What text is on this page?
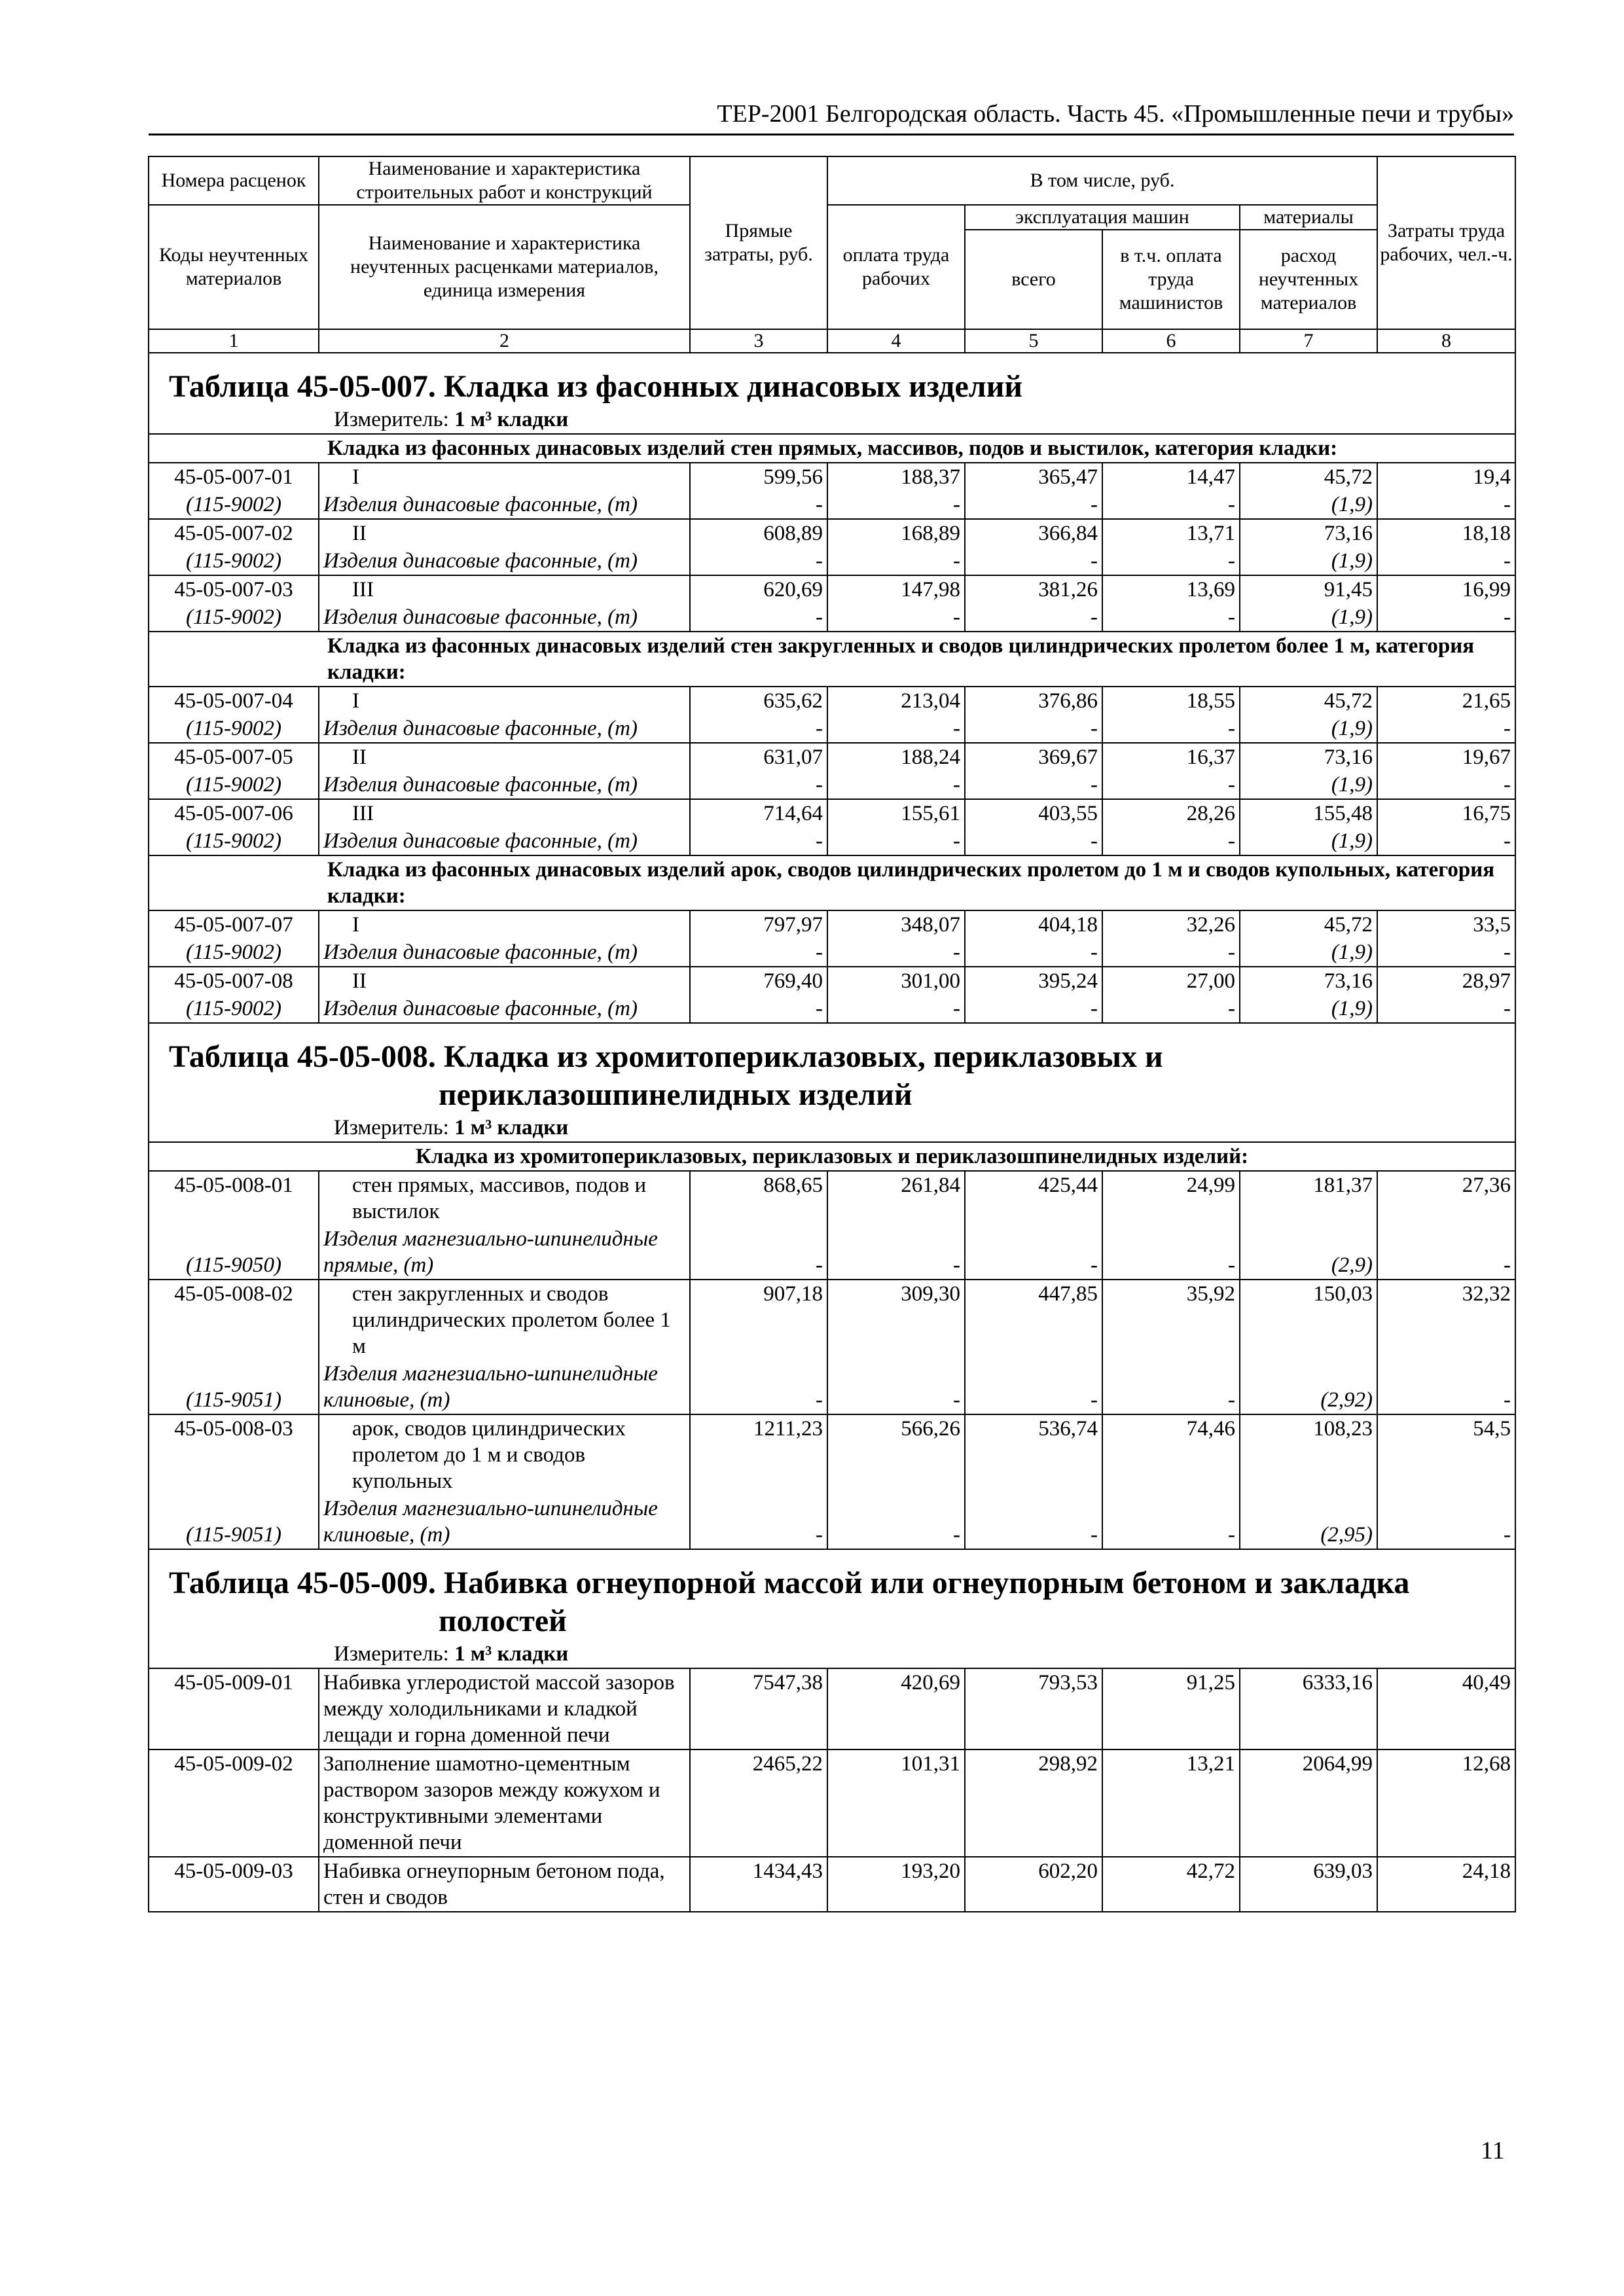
ТЕР-2001 Белгородская область. Часть 45. «Промышленные печи и трубы»
Номера расценок	Наименование и характеристика строительных работ и конструкций	Прямые затраты, руб.	В том числе, руб.				Затраты труда рабочих, чел.-ч.
Коды неучтенных материалов	Наименование и характеристика неучтенных расценками материалов, единица измерения		оплата труда рабочих	эксплуатация машин		материалы	
				всего	в т.ч. оплата труда машинистов	расход неучтенных материалов	
1	2	3	4	5	6	7	8

Таблица 45-05-007. Кладка из фасонных динасовых изделий
Измеритель: 1 м³ кладки							

Кладка из фасонных динасовых изделий стен прямых, массивов, подов и выстилок, категория кладки:							
45-05-007-01	I	599,56	188,37	365,47	14,47	45,72	19,4
(115-9002)	Изделия динасовые фасонные, (т)	-	-	-	-	(1,9)	-
45-05-007-02	II	608,89	168,89	366,84	13,71	73,16	18,18
(115-9002)	Изделия динасовые фасонные, (т)	-	-	-	-	(1,9)	-
45-05-007-03	III	620,69	147,98	381,26	13,69	91,45	16,99
(115-9002)	Изделия динасовые фасонные, (т)	-	-	-	-	(1,9)	-
Кладка из фасонных динасовых изделий стен закругленных и сводов цилиндрических пролетом более 1 м, категория кладки:							
45-05-007-04	I	635,62	213,04	376,86	18,55	45,72	21,65
(115-9002)	Изделия динасовые фасонные, (т)	-	-	-	-	(1,9)	-
45-05-007-05	II	631,07	188,24	369,67	16,37	73,16	19,67
(115-9002)	Изделия динасовые фасонные, (т)	-	-	-	-	(1,9)	-
45-05-007-06	III	714,64	155,61	403,55	28,26	155,48	16,75
(115-9002)	Изделия динасовые фасонные, (т)	-	-	-	-	(1,9)	-
Кладка из фасонных динасовых изделий арок, сводов цилиндрических пролетом до 1 м и сводов купольных, категория кладки:							
45-05-007-07	I	797,97	348,07	404,18	32,26	45,72	33,5
(115-9002)	Изделия динасовые фасонные, (т)	-	-	-	-	(1,9)	-
45-05-007-08	II	769,40	301,00	395,24	27,00	73,16	28,97
(115-9002)	Изделия динасовые фасонные, (т)	-	-	-	-	(1,9)	-

Таблица 45-05-008. Кладка из хромитопериклазовых, периклазовых и
периклазошпинелидных изделий
Измеритель: 1 м³ кладки							

Кладка из хромитопериклазовых, периклазовых и периклазошпинелидных изделий:							
45-05-008-01	стен прямых, массивов, подов и выстилок	868,65	261,84	425,44	24,99	181,37	27,36
(115-9050)	Изделия магнезиально-шпинелидные прямые, (т)	-	-	-	-	(2,9)	-
45-05-008-02	стен закругленных и сводов цилиндрических пролетом более 1 м	907,18	309,30	447,85	35,92	150,03	32,32
(115-9051)	Изделия магнезиально-шпинелидные клиновые, (т)	-	-	-	-	(2,92)	-
45-05-008-03	арок, сводов цилиндрических пролетом до 1 м и сводов купольных	1211,23	566,26	536,74	74,46	108,23	54,5
(115-9051)	Изделия магнезиально-шпинелидные клиновые, (т)	-	-	-	-	(2,95)	-

Таблица 45-05-009. Набивка огнеупорной массой или огнеупорным бетоном и закладка
полостей
Измеритель: 1 м³ кладки							

45-05-009-01	Набивка углеродистой массой зазоров между холодильниками и кладкой лещади и горна доменной печи	7547,38	420,69	793,53	91,25	6333,16	40,49
45-05-009-02	Заполнение шамотно-цементным раствором зазоров между кожухом и конструктивными элементами доменной печи	2465,22	101,31	298,92	13,21	2064,99	12,68
45-05-009-03	Набивка огнеупорным бетоном пода, стен и сводов	1434,43	193,20	602,20	42,72	639,03	24,18
11
